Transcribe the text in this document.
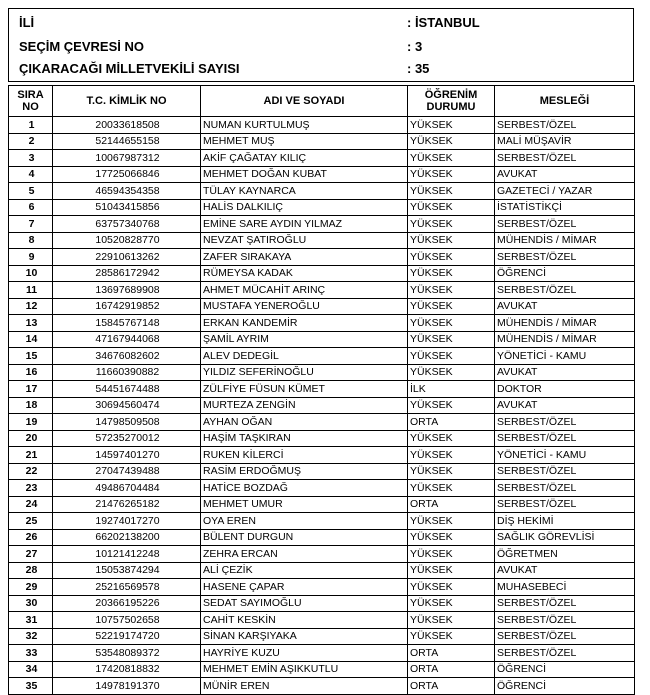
İLİ	: İSTANBUL
SEÇİM ÇEVRESİ NO	: 3
ÇIKARACAĞI MİLLETVEKİLİ SAYISI	: 35
SIRA
NO	T.C. KİMLİK NO	ADI VE SOYADI	ÖĞRENİM
DURUMU	MESLEĞİ
1	20033618508	NUMAN KURTULMUŞ	YÜKSEK	SERBEST/ÖZEL
2	52144655158	MEHMET MUŞ	YÜKSEK	MALİ MÜŞAVİR
3	10067987312	AKİF ÇAĞATAY KILIÇ	YÜKSEK	SERBEST/ÖZEL
4	17725066846	MEHMET DOĞAN KUBAT	YÜKSEK	AVUKAT
5	46594354358	TÜLAY KAYNARCA	YÜKSEK	GAZETECİ / YAZAR
6	51043415856	HALİS DALKILIÇ	YÜKSEK	İSTATİSTİKÇİ
7	63757340768	EMİNE SARE AYDIN YILMAZ	YÜKSEK	SERBEST/ÖZEL
8	10520828770	NEVZAT ŞATIROĞLU	YÜKSEK	MÜHENDİS / MİMAR
9	22910613262	ZAFER SIRAKAYA	YÜKSEK	SERBEST/ÖZEL
10	28586172942	RÜMEYSA KADAK	YÜKSEK	ÖĞRENCİ
11	13697689908	AHMET MÜCAHİT ARINÇ	YÜKSEK	SERBEST/ÖZEL
12	16742919852	MUSTAFA YENEROĞLU	YÜKSEK	AVUKAT
13	15845767148	ERKAN KANDEMİR	YÜKSEK	MÜHENDİS / MİMAR
14	47167944068	ŞAMİL AYRIM	YÜKSEK	MÜHENDİS / MİMAR
15	34676082602	ALEV DEDEGİL	YÜKSEK	YÖNETİCİ - KAMU
16	11660390882	YILDIZ SEFERİNOĞLU	YÜKSEK	AVUKAT
17	54451674488	ZÜLFİYE FÜSUN KÜMET	İLK	DOKTOR
18	30694560474	MURTEZA ZENGİN	YÜKSEK	AVUKAT
19	14798509508	AYHAN OĞAN	ORTA	SERBEST/ÖZEL
20	57235270012	HAŞİM TAŞKIRAN	YÜKSEK	SERBEST/ÖZEL
21	14597401270	RUKEN KİLERCİ	YÜKSEK	YÖNETİCİ - KAMU
22	27047439488	RASİM ERDOĞMUŞ	YÜKSEK	SERBEST/ÖZEL
23	49486704484	HATİCE BOZDAĞ	YÜKSEK	SERBEST/ÖZEL
24	21476265182	MEHMET UMUR	ORTA	SERBEST/ÖZEL
25	19274017270	OYA EREN	YÜKSEK	DİŞ HEKİMİ
26	66202138200	BÜLENT DURGUN	YÜKSEK	SAĞLIK GÖREVLİSİ
27	10121412248	ZEHRA ERCAN	YÜKSEK	ÖĞRETMEN
28	15053874294	ALİ ÇEZİK	YÜKSEK	AVUKAT
29	25216569578	HASENE ÇAPAR	YÜKSEK	MUHASEBECİ
30	20366195226	SEDAT SAYIMOĞLU	YÜKSEK	SERBEST/ÖZEL
31	10757502658	CAHİT KESKİN	YÜKSEK	SERBEST/ÖZEL
32	52219174720	SİNAN KARŞIYAKA	YÜKSEK	SERBEST/ÖZEL
33	53548089372	HAYRİYE KUZU	ORTA	SERBEST/ÖZEL
34	17420818832	MEHMET EMİN AŞIKKUTLU	ORTA	ÖĞRENCİ
35	14978191370	MÜNİR EREN	ORTA	ÖĞRENCİ
